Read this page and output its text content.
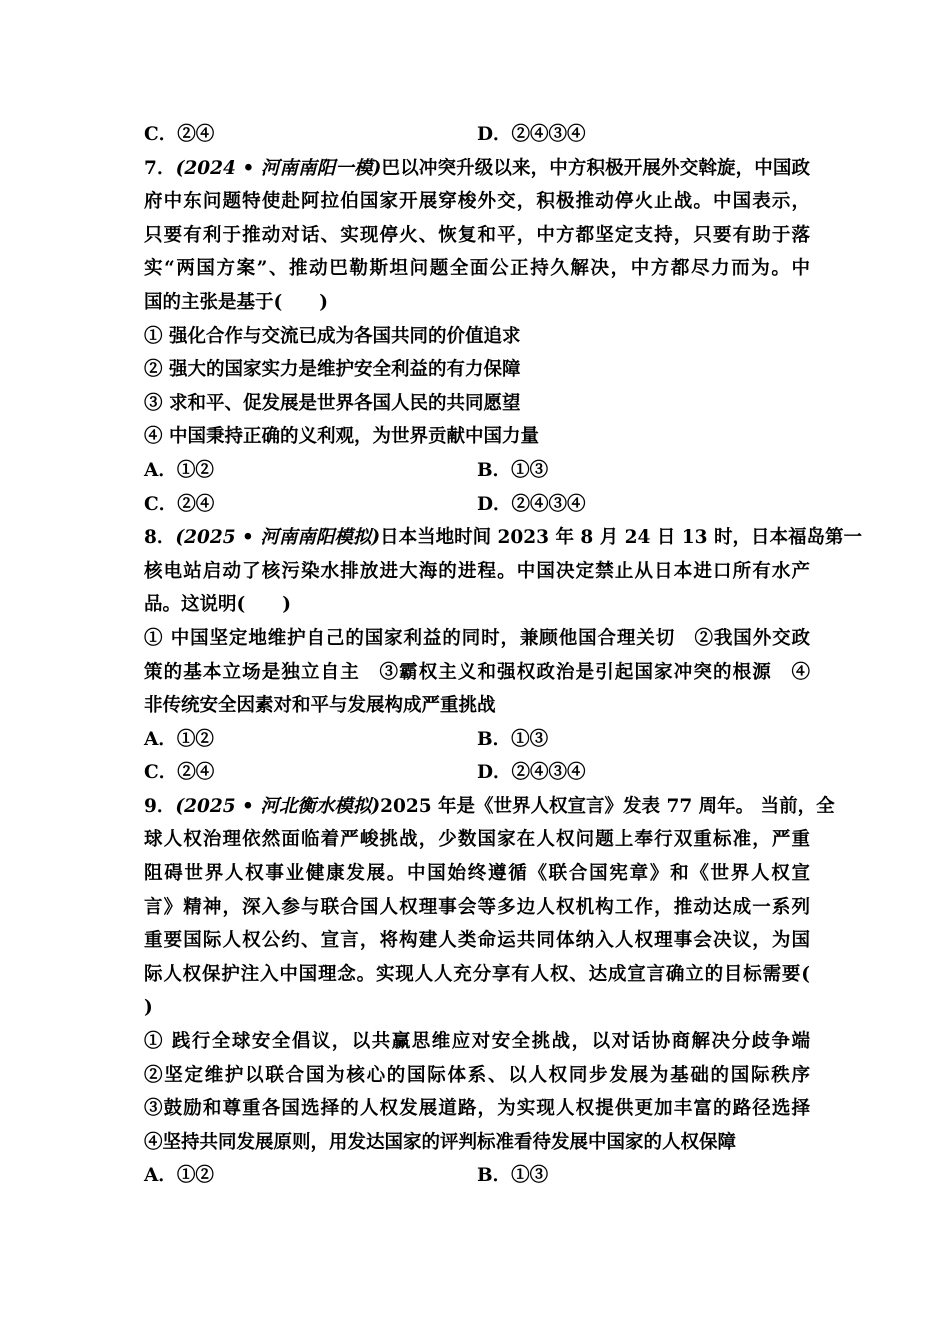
C．②④	D．②④③④
7．(2024 • 河南南阳一模)巴以冲突升级以来，中方积极开展外交斡旋，中国政
府中东问题特使赴阿拉伯国家开展穿梭外交，积极推动停火止战。中国表示，
只要有利于推动对话、实现停火、恢复和平，中方都坚定支持，只要有助于落
实“两国方案”、推动巴勒斯坦问题全面公正持久解决，中方都尽力而为。中
国的主张是基于(　　)
① 强化合作与交流已成为各国共同的价值追求
② 强大的国家实力是维护安全利益的有力保障
③ 求和平、促发展是世界各国人民的共同愿望
④ 中国秉持正确的义利观，为世界贡献中国力量
A．①②	B．①③
C．②④	D．②④③④
8．(2025 • 河南南阳模拟)日本当地时间 2023 年 8 月 24 日 13 时，日本福岛第一
核电站启动了核污染水排放进大海的进程。中国决定禁止从日本进口所有水产
品。这说明(　　)
① 中国坚定地维护自己的国家利益的同时，兼顾他国合理关切　②我国外交政
策的基本立场是独立自主　③霸权主义和强权政治是引起国家冲突的根源　④
非传统安全因素对和平与发展构成严重挑战
A．①②	B．①③
C．②④	D．②④③④
9．(2025 • 河北衡水模拟)2025 年是《世界人权宣言》发表 77 周年。 当前，全
球人权治理依然面临着严峻挑战，少数国家在人权问题上奉行双重标准，严重
阻碍世界人权事业健康发展。中国始终遵循《联合国宪章》和《世界人权宣
言》精神，深入参与联合国人权理事会等多边人权机构工作，推动达成一系列
重要国际人权公约、宣言，将构建人类命运共同体纳入人权理事会决议，为国
际人权保护注入中国理念。实现人人充分享有人权、达成宣言确立的目标需要(
)
① 践行全球安全倡议，以共赢思维应对安全挑战，以对话协商解决分歧争端
②坚定维护以联合国为核心的国际体系、以人权同步发展为基础的国际秩序
③鼓励和尊重各国选择的人权发展道路，为实现人权提供更加丰富的路径选择
④坚持共同发展原则，用发达国家的评判标准看待发展中国家的人权保障
A．①②	B．①③
